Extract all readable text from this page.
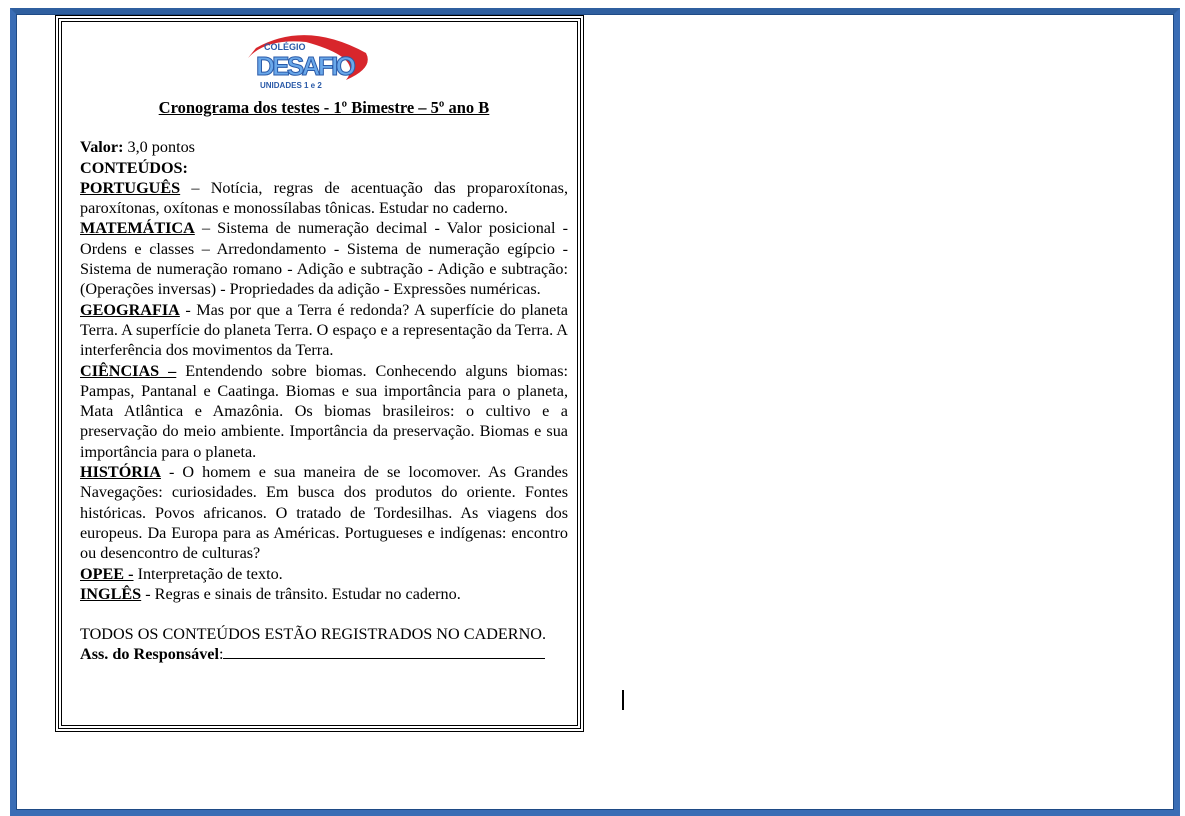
COLÉGIO
DESAFIO
UNIDADES 1 e 2
Cronograma dos testes - 1º Bimestre – 5º ano B

Valor: 3,0 pontos

CONTEÚDOS:

PORTUGUÊS – Notícia, regras de acentuação das proparoxítonas, paroxítonas, oxítonas e monossílabas tônicas. Estudar no caderno.

MATEMÁTICA – Sistema de numeração decimal - Valor posicional - Ordens e classes – Arredondamento - Sistema de numeração egípcio - Sistema de numeração romano - Adição e subtração - Adição e subtração: (Operações inversas) - Propriedades da adição - Expressões numéricas.

GEOGRAFIA - Mas por que a Terra é redonda? A superfície do planeta Terra. A superfície do planeta Terra. O espaço e a representação da Terra. A interferência dos movimentos da Terra.

CIÊNCIAS – Entendendo sobre biomas. Conhecendo alguns biomas: Pampas, Pantanal e Caatinga. Biomas e sua importância para o planeta, Mata Atlântica e Amazônia. Os biomas brasileiros: o cultivo e a preservação do meio ambiente. Importância da preservação. Biomas e sua importância para o planeta.

HISTÓRIA - O homem e sua maneira de se locomover. As Grandes Navegações: curiosidades. Em busca dos produtos do oriente. Fontes históricas. Povos africanos. O tratado de Tordesilhas. As viagens dos europeus. Da Europa para as Américas. Portugueses e indígenas: encontro ou desencontro de culturas?

OPEE - Interpretação de texto.

INGLÊS - Regras e sinais de trânsito. Estudar no caderno.

TODOS OS CONTEÚDOS ESTÃO REGISTRADOS NO CADERNO.

Ass. do Responsável:
